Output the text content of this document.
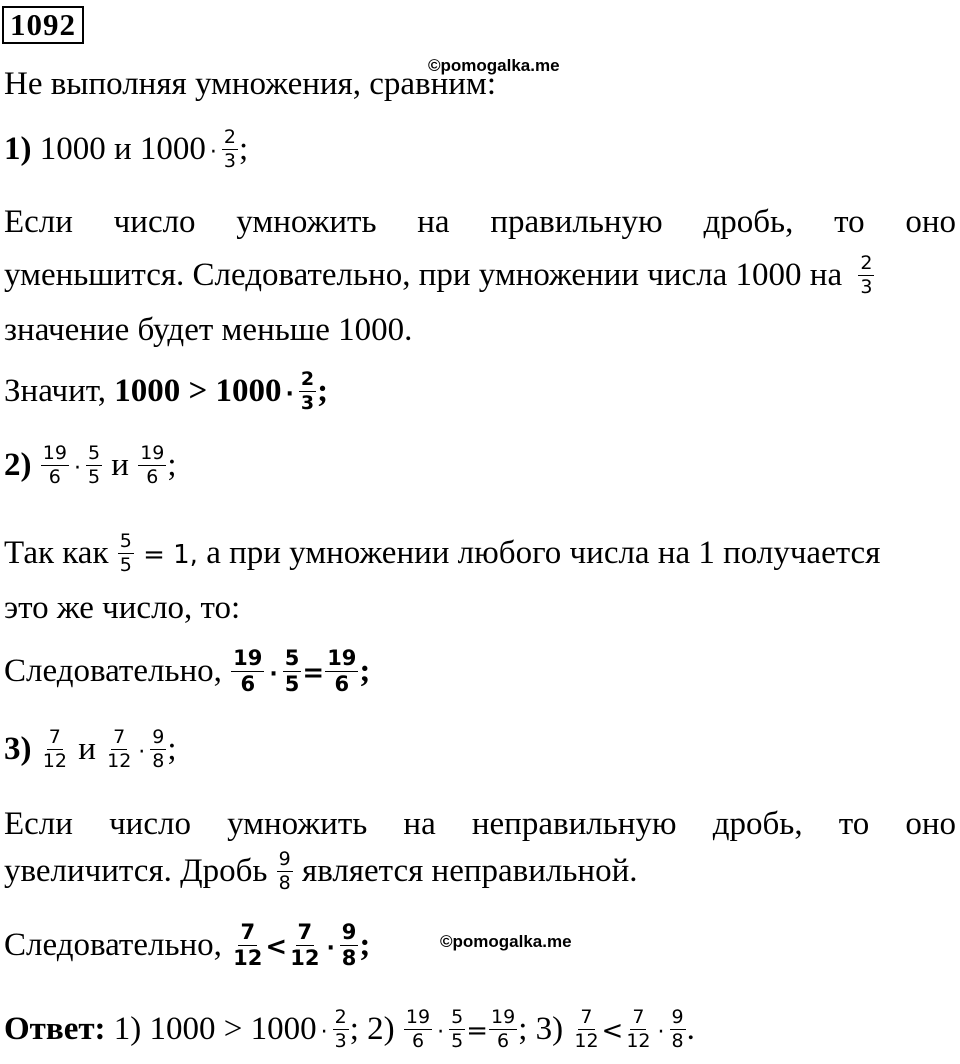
1092
©pomogalka.me
Не выполняя умножения, сравним:
1) 1000 и $1000 \cdot \frac{2}{3}$ ;
Если число умножить на правильную дробь, то оно
уменьшится. Следовательно, при умножении числа 1000 на $\frac{2}{3}$
значение будет меньше 1000.
Значит, $1000 > 1000 \cdot \frac{2}{3}$ ;
$2) \frac{19}{6} \cdot \frac{5}{5}$ и $\frac{19}{6}$ ;
Так как $\frac{5}{5} = 1$, а при умножении любого числа на 1 получается
это же число, то:
Следовательно, $\frac{19}{6} \cdot \frac{5}{5} = \frac{19}{6}$ ;
$3) \frac{7}{12}$ и $\frac{7}{12} \cdot \frac{9}{8}$ ;
Если число умножить на неправильную дробь, то оно
увеличится. Дробь $\frac{9}{8}$ является неправильной.
Следовательно, $\frac{7}{12} < \frac{7}{12} \cdot \frac{9}{8}$ ;	©pomogalka.me
Ответ: 1) $1000 > 1000 \cdot \frac{2}{3}$ ; $2) \frac{19}{6} \cdot \frac{5}{5} = \frac{19}{6}$ ; $3) \frac{7}{12} < \frac{7}{12} \cdot \frac{9}{8}$ .
